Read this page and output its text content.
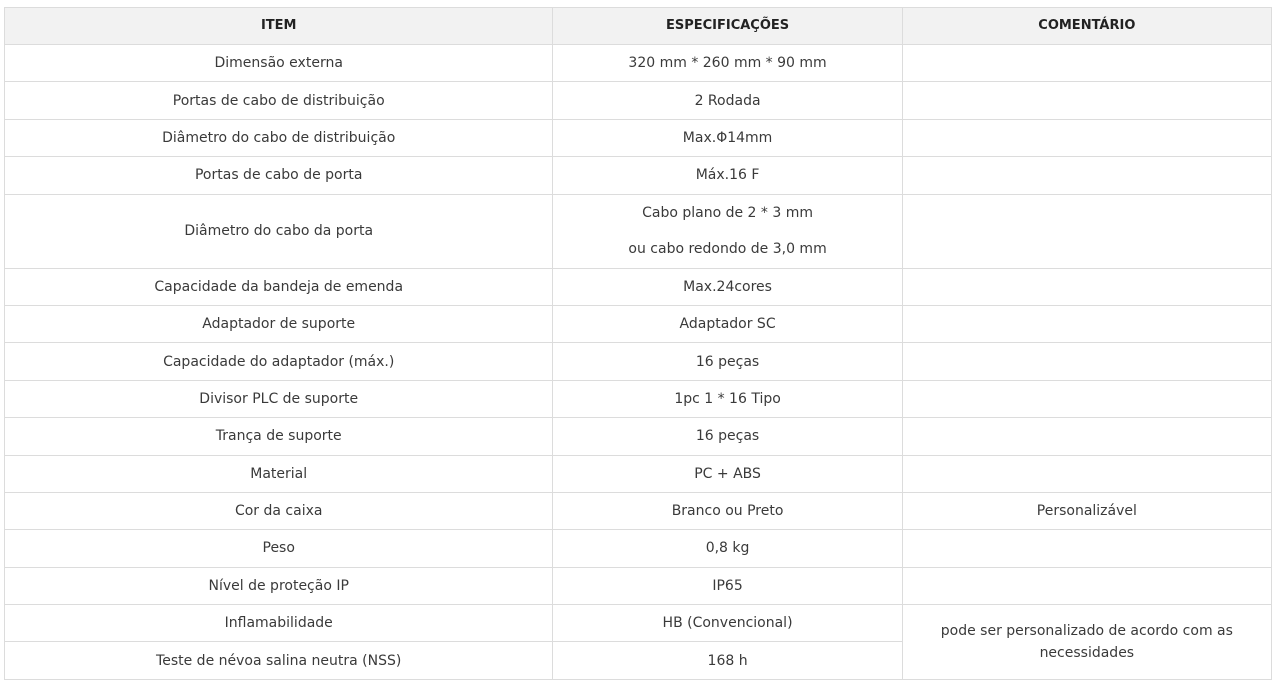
ITEM	ESPECIFICAÇÕES	COMENTÁRIO
Dimensão externa	320 mm * 260 mm * 90 mm	
Portas de cabo de distribuição	2 Rodada	
Diâmetro do cabo de distribuição	Max.Φ14mm	
Portas de cabo de porta	Máx.16 F	
Diâmetro do cabo da porta	Cabo plano de 2 * 3 mm
ou cabo redondo de 3,0 mm	

Capacidade da bandeja de emenda	Max.24cores	
Adaptador de suporte	Adaptador SC	
Capacidade do adaptador (máx.)	16 peças	
Divisor PLC de suporte	1pc 1 * 16 Tipo	
Trança de suporte	16 peças	
Material	PC + ABS	
Cor da caixa	Branco ou Preto	Personalizável
Peso	0,8 kg	
Nível de proteção IP	IP65	
Inflamabilidade	HB (Convencional)	pode ser personalizado de acordo com as necessidades
Teste de névoa salina neutra (NSS)	168 h	
